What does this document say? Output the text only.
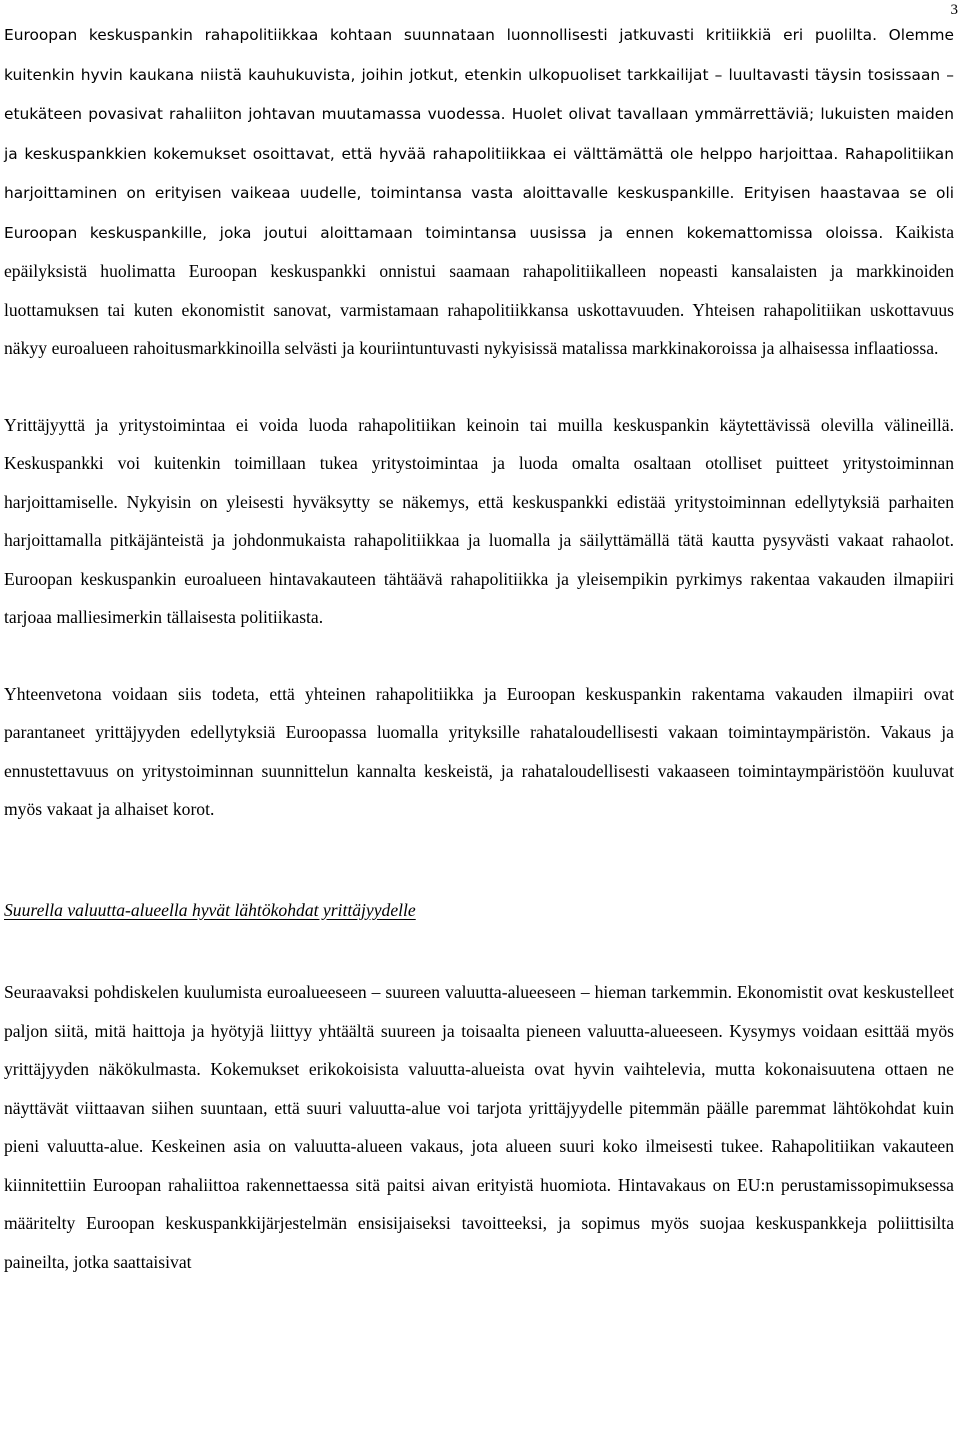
3

Euroopan keskuspankin rahapolitiikkaa kohtaan suunnataan luonnollisesti jatkuvasti kritiikkiä eri puolilta. Olemme kuitenkin hyvin kaukana niistä kauhukuvista, joihin jotkut, etenkin ulkopuoliset tarkkailijat – luultavasti täysin tosissaan – etukäteen povasivat rahaliiton johtavan muutamassa vuodessa. Huolet olivat tavallaan ymmärrettäviä; lukuisten maiden ja keskuspankkien kokemukset osoittavat, että hyvää rahapolitiikkaa ei välttämättä ole helppo harjoittaa. Rahapolitiikan harjoittaminen on erityisen vaikeaa uudelle, toimintansa vasta aloittavalle keskuspankille. Erityisen haastavaa se oli Euroopan keskuspankille, joka joutui aloittamaan toimintansa uusissa ja ennen kokemattomissa oloissa. Kaikista epäilyksistä huolimatta Euroopan keskuspankki onnistui saamaan rahapolitiikalleen nopeasti kansalaisten ja markkinoiden luottamuksen tai kuten ekonomistit sanovat, varmistamaan rahapolitiikkansa uskottavuuden. Yhteisen rahapolitiikan uskottavuus näkyy euroalueen rahoitusmarkkinoilla selvästi ja kouriintuntuvasti nykyisissä matalissa markkinakoroissa ja alhaisessa inflaatiossa.

Yrittäjyyttä ja yritystoimintaa ei voida luoda rahapolitiikan keinoin tai muilla keskuspankin käytettävissä olevilla välineillä. Keskuspankki voi kuitenkin toimillaan tukea yritystoimintaa ja luoda omalta osaltaan otolliset puitteet yritystoiminnan harjoittamiselle. Nykyisin on yleisesti hyväksytty se näkemys, että keskuspankki edistää yritystoiminnan edellytyksiä parhaiten harjoittamalla pitkäjänteistä ja johdonmukaista rahapolitiikkaa ja luomalla ja säilyttämällä tätä kautta pysyvästi vakaat rahaolot. Euroopan keskuspankin euroalueen hintavakauteen tähtäävä rahapolitiikka ja yleisempikin pyrkimys rakentaa vakauden ilmapiiri tarjoaa malliesimerkin tällaisesta politiikasta.

Yhteenvetona voidaan siis todeta, että yhteinen rahapolitiikka ja Euroopan keskuspankin rakentama vakauden ilmapiiri ovat parantaneet yrittäjyyden edellytyksiä Euroopassa luomalla yrityksille rahataloudellisesti vakaan toimintaympäristön. Vakaus ja ennustettavuus on yritystoiminnan suunnittelun kannalta keskeistä, ja rahataloudellisesti vakaaseen toimintaympäristöön kuuluvat myös vakaat ja alhaiset korot.

Suurella valuutta-alueella hyvät lähtökohdat yrittäjyydelle

Seuraavaksi pohdiskelen kuulumista euroalueeseen – suureen valuutta-alueeseen – hieman tarkemmin. Ekonomistit ovat keskustelleet paljon siitä, mitä haittoja ja hyötyjä liittyy yhtäältä suureen ja toisaalta pieneen valuutta-alueeseen. Kysymys voidaan esittää myös yrittäjyyden näkökulmasta. Kokemukset erikokoisista valuutta-alueista ovat hyvin vaihtelevia, mutta kokonaisuutena ottaen ne näyttävät viittaavan siihen suuntaan, että suuri valuutta-alue voi tarjota yrittäjyydelle pitemmän päälle paremmat lähtökohdat kuin pieni valuutta-alue. Keskeinen asia on valuutta-alueen vakaus, jota alueen suuri koko ilmeisesti tukee. Rahapolitiikan vakauteen kiinnitettiin Euroopan rahaliittoa rakennettaessa sitä paitsi aivan erityistä huomiota. Hintavakaus on EU:n perustamissopimuksessa määritelty Euroopan keskuspankkijärjestelmän ensisijaiseksi tavoitteeksi, ja sopimus myös suojaa keskuspankkeja poliittisilta paineilta, jotka saattaisivat
